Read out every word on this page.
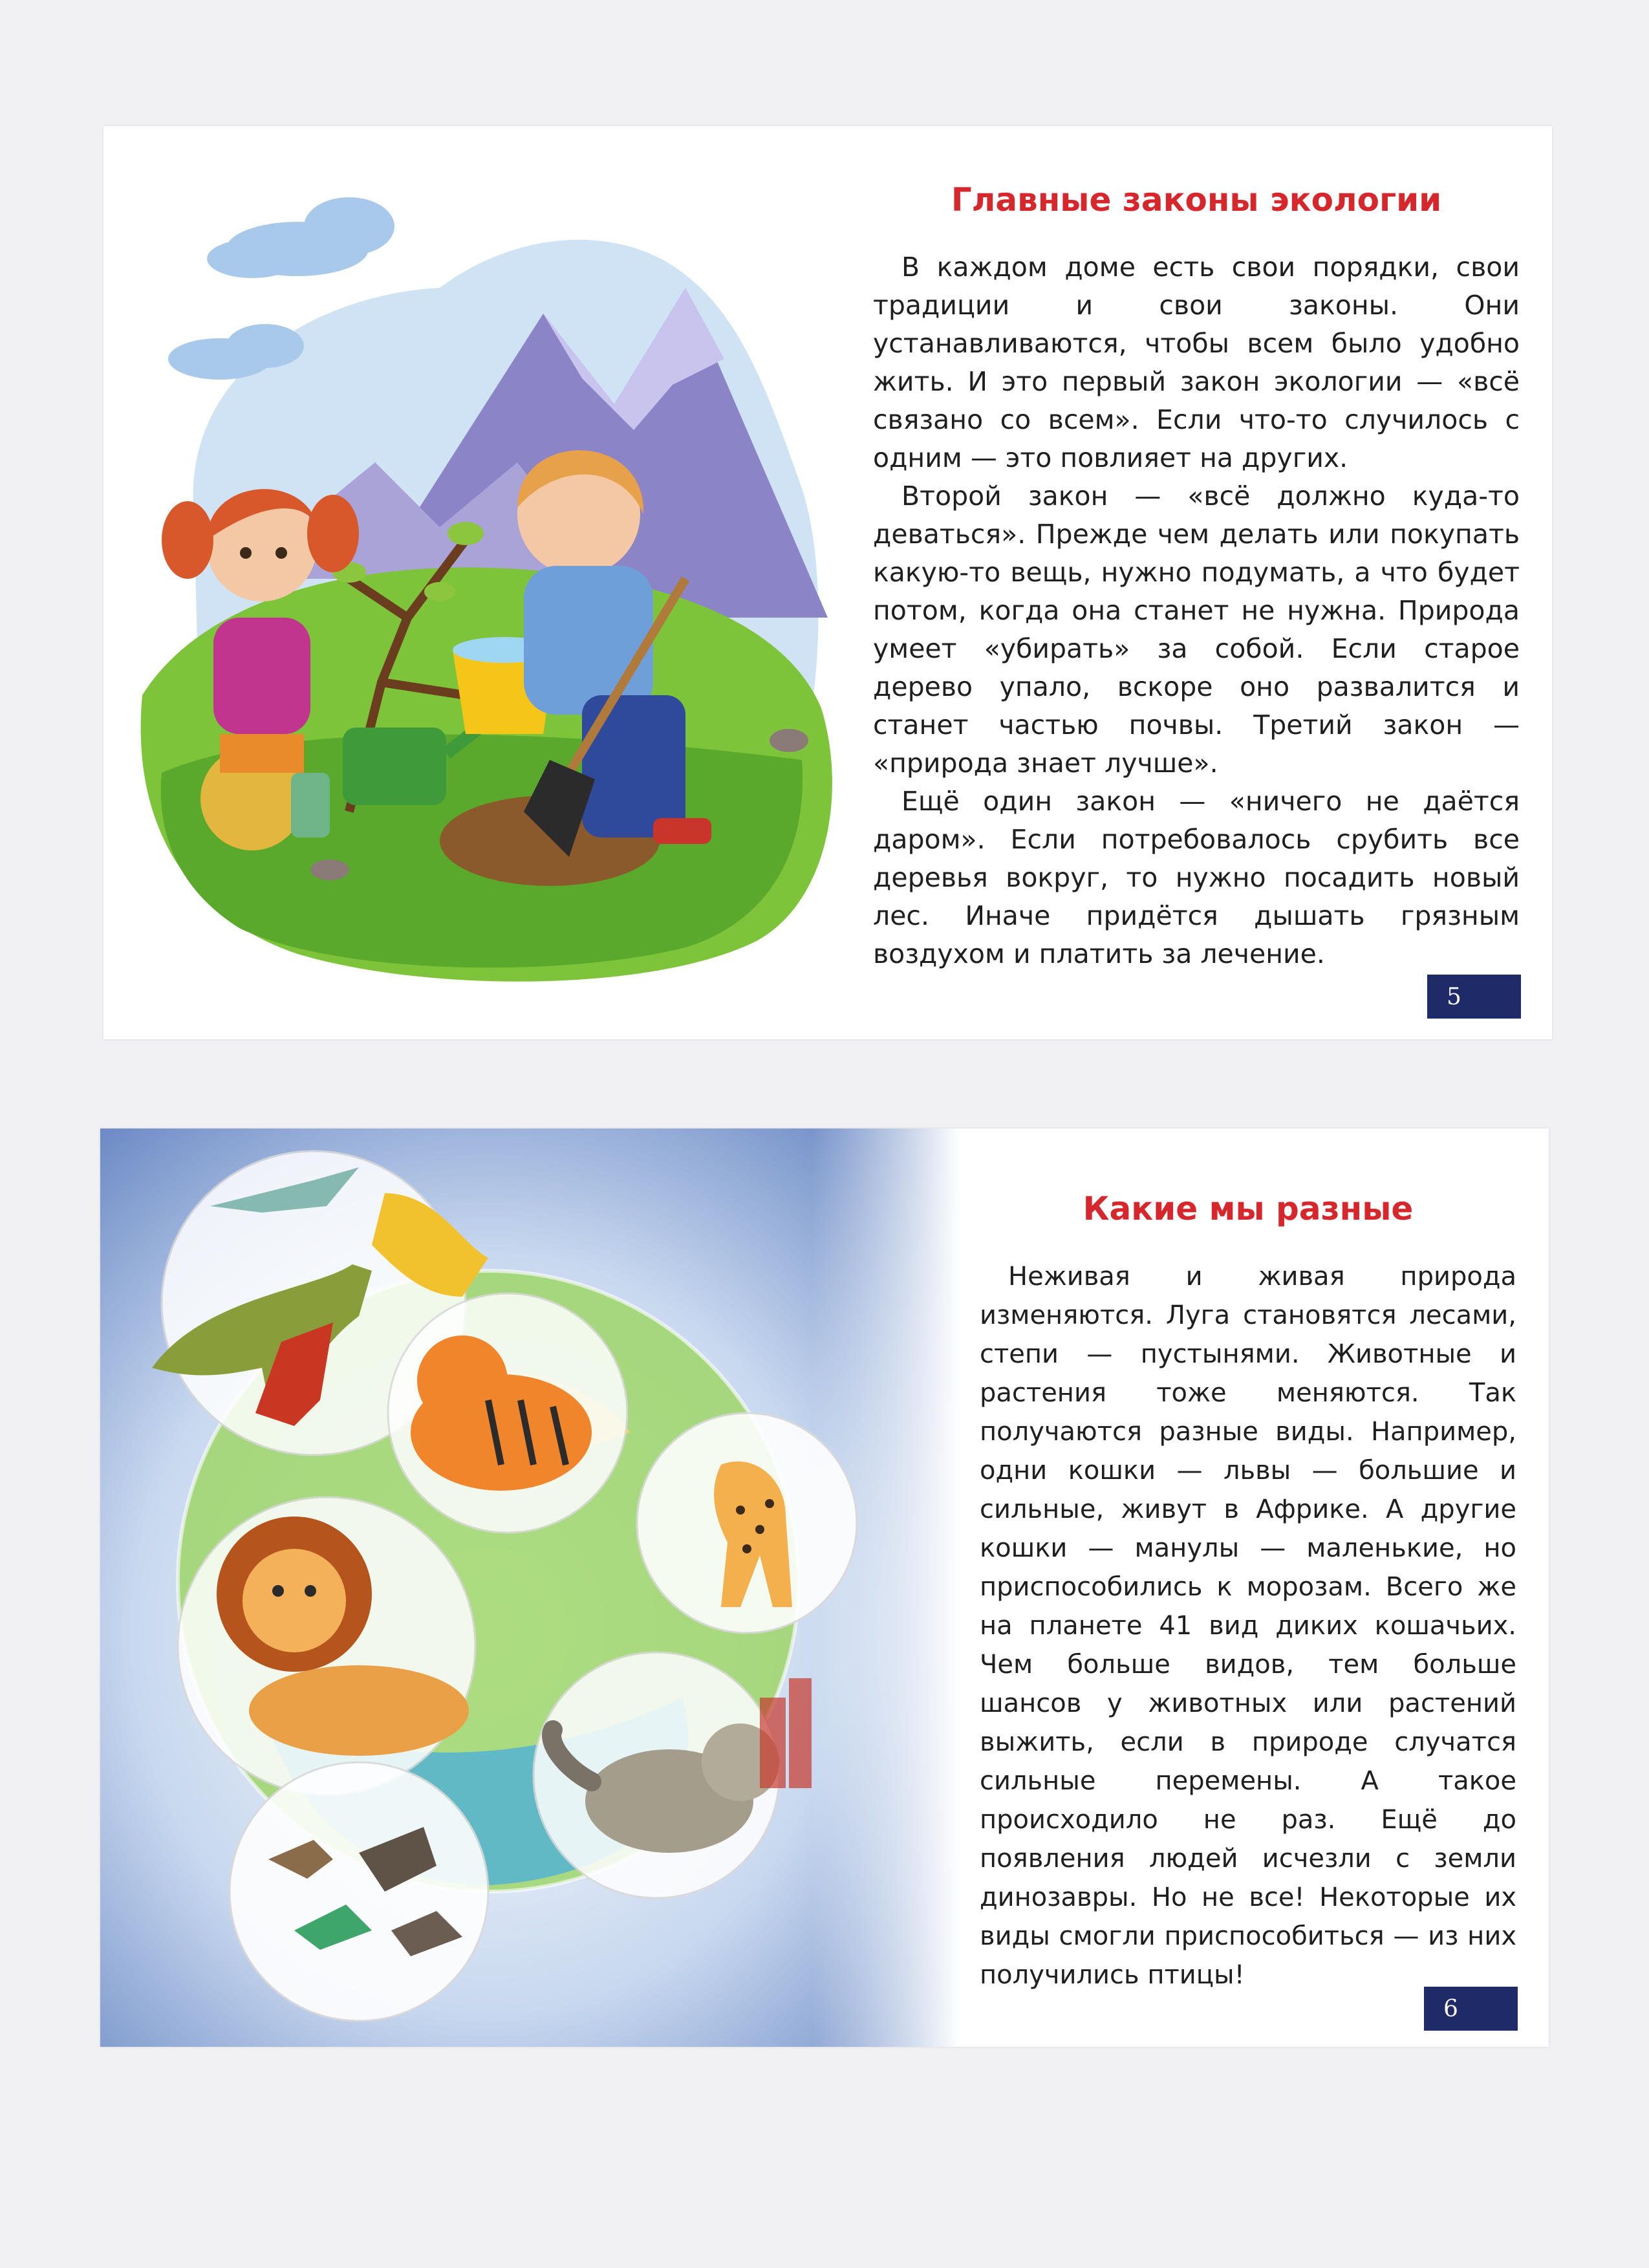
Главные законы экологии

В каждом доме есть свои порядки, свои традиции и свои законы. Они устанавливаются, чтобы всем было удобно жить. И это первый закон экологии — «всё связано со всем». Если что-то случилось с одним — это повлияет на других.

Второй закон — «всё должно куда-то деваться». Прежде чем делать или покупать какую-то вещь, нужно подумать, а что будет потом, когда она станет не нужна. Природа умеет «убирать» за собой. Если старое дерево упало, вскоре оно развалится и станет частью почвы. Третий закон — «природа знает лучше».

Ещё один закон — «ничего не даётся даром». Если потребовалось срубить все деревья вокруг, то нужно посадить новый лес. Иначе придётся дышать грязным воздухом и платить за лечение.

5
Какие мы разные

Неживая и живая природа изменяются. Луга становятся лесами, степи — пустынями. Животные и растения тоже меняются. Так получаются разные виды. Например, одни кошки — львы — большие и сильные, живут в Африке. А другие кошки — манулы — маленькие, но приспособились к морозам. Всего же на планете 41 вид диких кошачьих. Чем больше видов, тем больше шансов у животных или растений выжить, если в природе случатся сильные перемены. А такое происходило не раз. Ещё до появления людей исчезли с земли динозавры. Но не все! Некоторые их виды смогли приспособиться — из них получились птицы!

6
